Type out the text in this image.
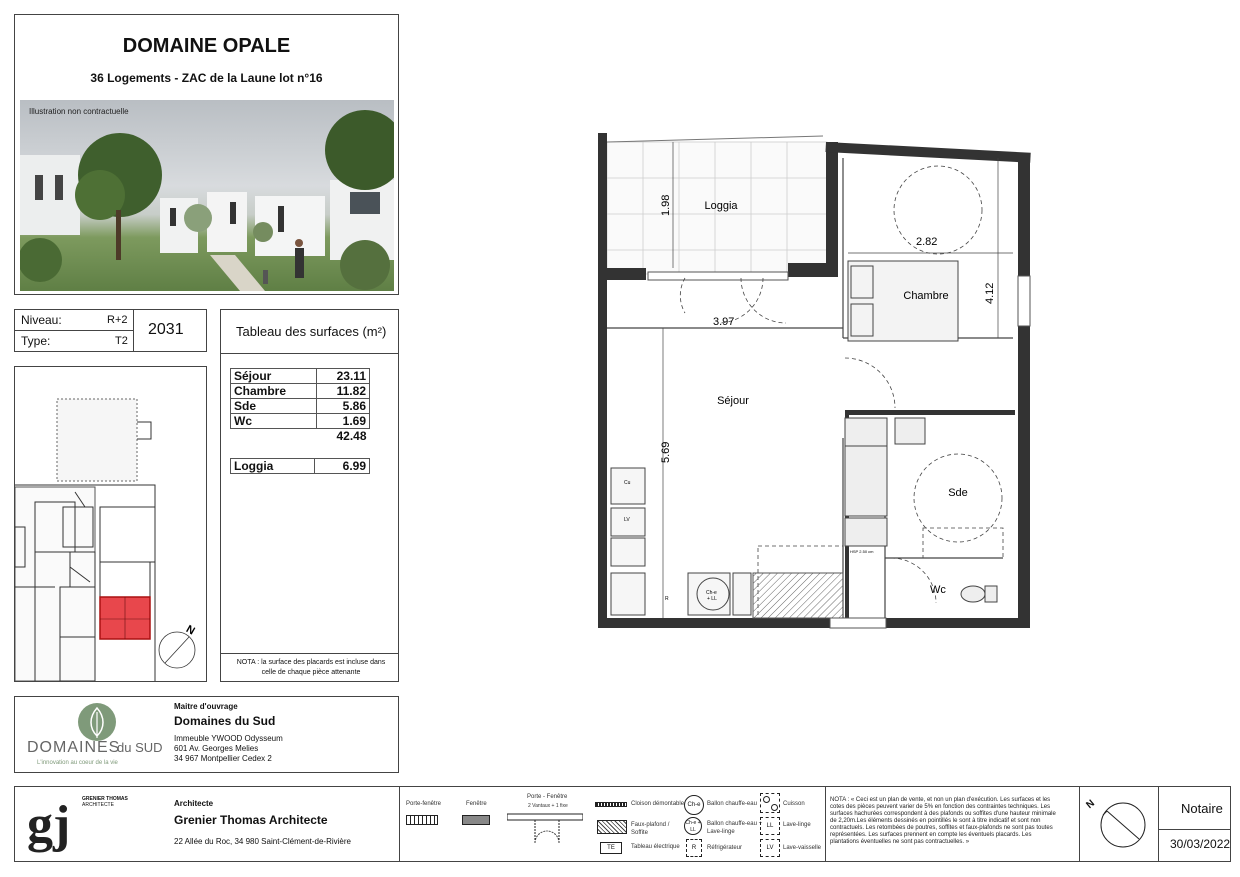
DOMAINE OPALE
36 Logements - ZAC de la Laune lot n°16
Illustration non contractuelle
Niveau:	R+2
Type:	T2
2031
N
Tableau des surfaces (m²)
Séjour	23.11
Chambre	11.82
Sde	5.86
Wc	1.69
	42.48
Loggia	6.99
NOTA : la surface des placards est incluse dans celle de chaque pièce attenante
DOMAINES
du SUD
L'innovation au coeur de la vie
Maitre d'ouvrage
Domaines du Sud
Immeuble YWOOD Odysseum
601 Av. Georges Melies
34 967 Montpellier Cedex 2
gj GRENIER THOMAS
ARCHITECTE	Architecte
Grenier Thomas Architecte
22 Allée du Roc, 34 980 Saint-Clément-de-Rivière
Porte-fenêtre	Fenêtre
Porte - Fenêtre
2 Vantaux + 1 fixe	Cloison démontable
Faux-plafond / Soffite
TE	Tableau électrique
Ch-e	Ballon chauffe-eau
Ch-e + LL
Ballon chauffe-eau + Lave-linge
R	Réfrigérateur
Cuisson
LL	Lave-linge
LV	Lave-vaisselle
NOTA : « Ceci est un plan de vente, et non un plan d'exécution. Les surfaces et les cotes des pièces peuvent varier de 5% en fonction des contraintes techniques. Les surfaces hachurées correspondent à des plafonds ou soffites d'une hauteur minimale de 2,20m.Les éléments dessinés en pointillés le sont à titre indicatif et sont non contractuels. Les retombées de poutres, soffites et faux-plafonds ne sont pas toutes représentées. Les surfaces prennent en compte les éventuels placards. Les plantations éventuelles ne sont pas contractuelles. »
N	Notaire
30/03/2022
Loggia
Chambre
Séjour
Sde
Wc
1.98
5.69
2.82
4.12
3.97
Cu
LV
Ch-e
+ LL
R
HSP 2.50 cm
